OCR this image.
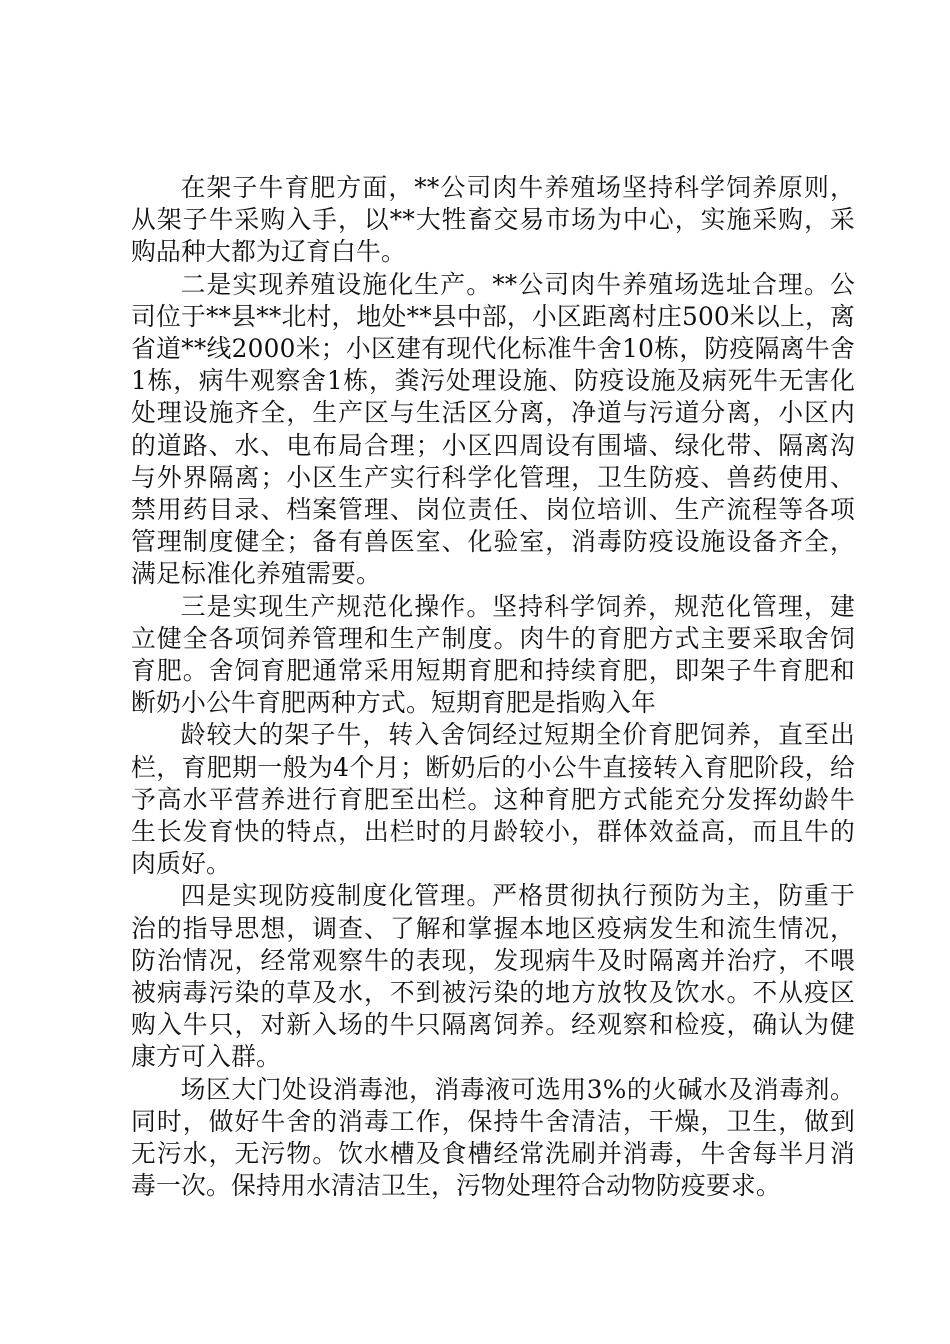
在架子牛育肥方面，**公司肉牛养殖场坚持科学饲养原则，从架子牛采购入手，以**大牲畜交易市场为中心，实施采购，采购品种大都为辽育白牛。

二是实现养殖设施化生产。**公司肉牛养殖场选址合理。公司位于**县**北村，地处**县中部，小区距离村庄500米以上，离省道**线2000米；小区建有现代化标准牛舍10栋，防疫隔离牛舍1栋，病牛观察舍1栋，粪污处理设施、防疫设施及病死牛无害化处理设施齐全，生产区与生活区分离，净道与污道分离，小区内的道路、水、电布局合理；小区四周设有围墙、绿化带、隔离沟与外界隔离；小区生产实行科学化管理，卫生防疫、兽药使用、禁用药目录、档案管理、岗位责任、岗位培训、生产流程等各项管理制度健全；备有兽医室、化验室，消毒防疫设施设备齐全，满足标准化养殖需要。

三是实现生产规范化操作。坚持科学饲养，规范化管理，建立健全各项饲养管理和生产制度。肉牛的育肥方式主要采取舍饲育肥。舍饲育肥通常采用短期育肥和持续育肥，即架子牛育肥和断奶小公牛育肥两种方式。短期育肥是指购入年

龄较大的架子牛，转入舍饲经过短期全价育肥饲养，直至出栏，育肥期一般为4个月；断奶后的小公牛直接转入育肥阶段，给予高水平营养进行育肥至出栏。这种育肥方式能充分发挥幼龄牛生长发育快的特点，出栏时的月龄较小，群体效益高，而且牛的肉质好。

四是实现防疫制度化管理。严格贯彻执行预防为主，防重于治的指导思想，调查、了解和掌握本地区疫病发生和流生情况，防治情况，经常观察牛的表现，发现病牛及时隔离并治疗，不喂被病毒污染的草及水，不到被污染的地方放牧及饮水。不从疫区购入牛只，对新入场的牛只隔离饲养。经观察和检疫，确认为健康方可入群。

场区大门处设消毒池，消毒液可选用3%的火碱水及消毒剂。同时，做好牛舍的消毒工作，保持牛舍清洁，干燥，卫生，做到无污水，无污物。饮水槽及食槽经常洗刷并消毒，牛舍每半月消毒一次。保持用水清洁卫生，污物处理符合动物防疫要求。
